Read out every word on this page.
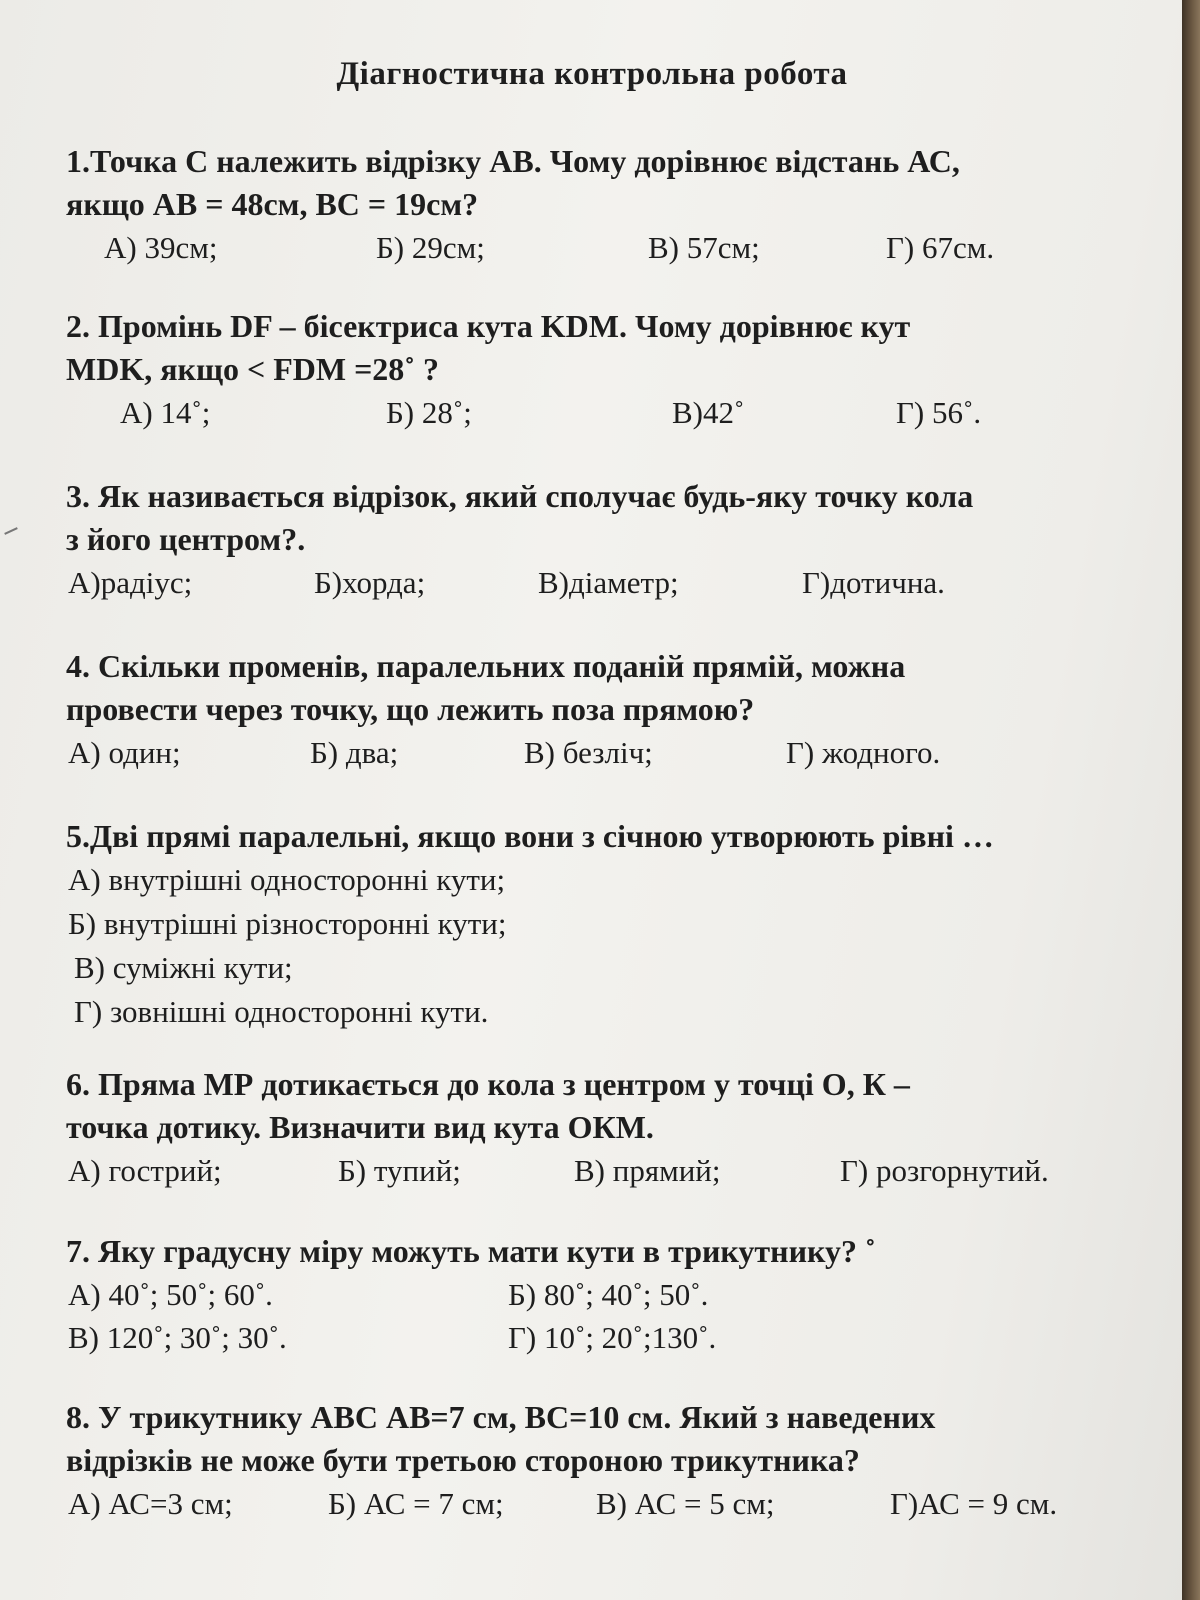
Діагностична контрольна робота

1.Точка С належить відрізку АВ. Чому дорівнює відстань АС,

якщо АВ = 48см, ВС = 19см?

А) 39см;	Б) 29см;	В) 57см;	Г) 67см.

2. Промінь DF – бісектриса кута KDM. Чому дорівнює кут

MDK, якщо < FDM =28˚ ?

А) 14˚;	Б) 28˚;	В)42˚	Г) 56˚.

3. Як називається відрізок, який сполучає будь-яку точку кола

з його центром?.

А)радіус;	Б)хорда;	В)діаметр;	Г)дотична.

4. Скільки променів, паралельних поданій прямій, можна

провести через точку, що лежить поза прямою?

А) один;	Б) два;	В) безліч;	Г) жодного.

5.Дві прямі паралельні, якщо вони з січною утворюють рівні …

А) внутрішні односторонні кути;
Б) внутрішні різносторонні кути;
В) суміжні кути;
Г) зовнішні односторонні кути.

6. Пряма МР дотикається до кола з центром у точці О, К –

точка дотику. Визначити вид кута ОКМ.

А) гострий;	Б) тупий;	В) прямий;	Г) розгорнутий.

7. Яку градусну міру можуть мати кути в трикутнику? ˚

А) 40˚; 50˚; 60˚.	Б) 80˚; 40˚; 50˚.
В) 120˚; 30˚; 30˚.	Г) 10˚; 20˚;130˚.

8. У трикутнику АВС АВ=7 см, ВС=10 см. Який з наведених

відрізків не може бути третьою стороною трикутника?

А) АС=3 см;	Б) АС = 7 см;	В) АС = 5 см;	Г)АС = 9 см.
